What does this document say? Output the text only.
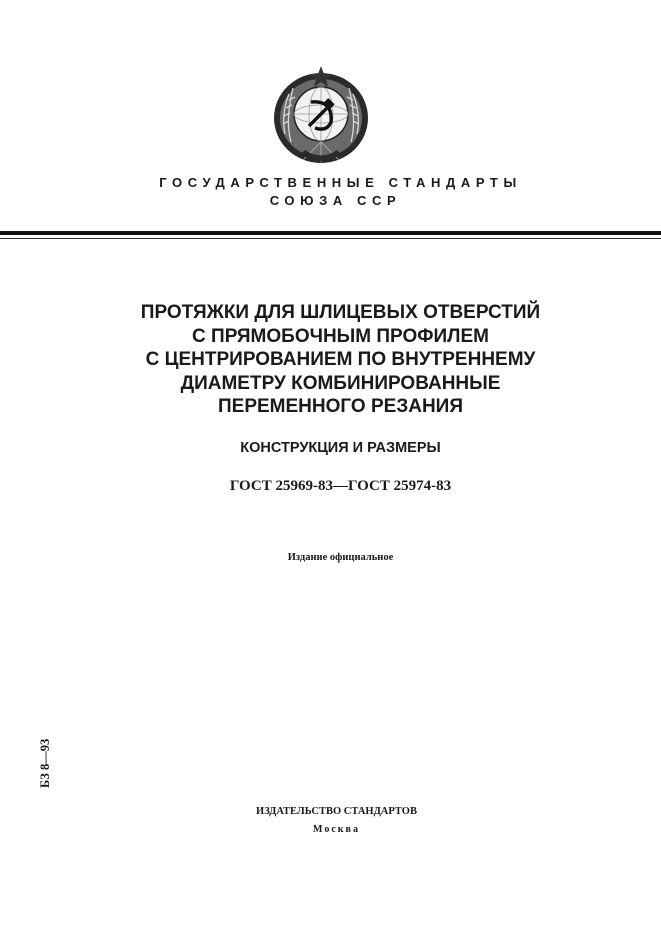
ГОСУДАРСТВЕННЫЕ СТАНДАРТЫ
СОЮЗА ССР
ПРОТЯЖКИ ДЛЯ ШЛИЦЕВЫХ ОТВЕРСТИЙ
С ПРЯМОБОЧНЫМ ПРОФИЛЕМ
С ЦЕНТРИРОВАНИЕМ ПО ВНУТРЕННЕМУ
ДИАМЕТРУ КОМБИНИРОВАННЫЕ
ПЕРЕМЕННОГО РЕЗАНИЯ
КОНСТРУКЦИЯ И РАЗМЕРЫ
ГОСТ 25969-83—ГОСТ 25974-83
Издание официальное
БЗ 8—93
ИЗДАТЕЛЬСТВО СТАНДАРТОВ
Москва
